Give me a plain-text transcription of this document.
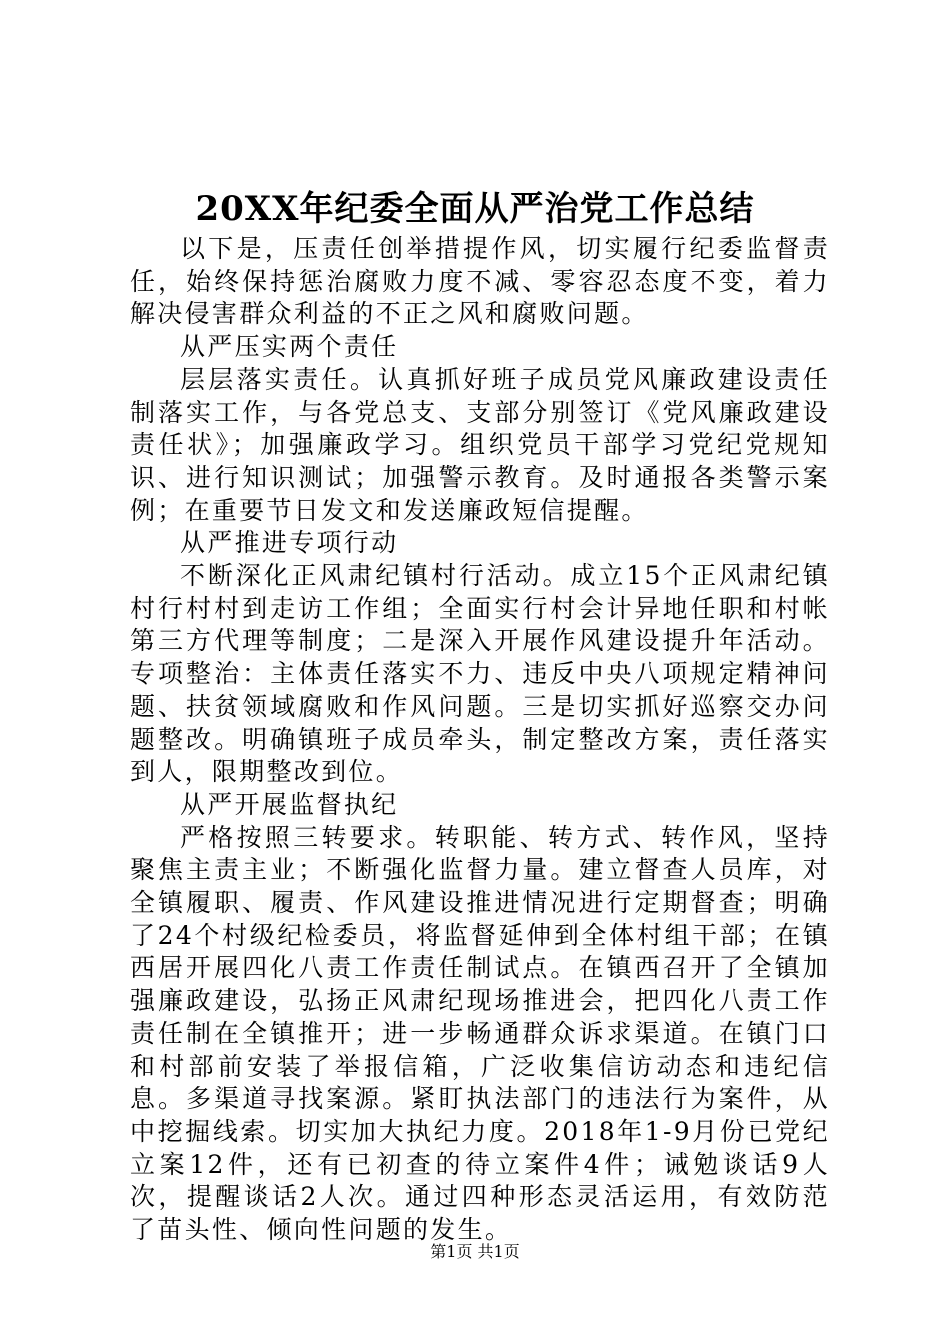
20XX年纪委全面从严治党工作总结

以下是，压责任创举措提作风，切实履行纪委监督责任，始终保持惩治腐败力度不减、零容忍态度不变，着力解决侵害群众利益的不正之风和腐败问题。

从严压实两个责任

层层落实责任。认真抓好班子成员党风廉政建设责任制落实工作，与各党总支、支部分别签订《党风廉政建设责任状》；加强廉政学习。组织党员干部学习党纪党规知识、进行知识测试；加强警示教育。及时通报各类警示案例；在重要节日发文和发送廉政短信提醒。

从严推进专项行动

不断深化正风肃纪镇村行活动。成立15个正风肃纪镇村行村村到走访工作组；全面实行村会计异地任职和村帐第三方代理等制度；二是深入开展作风建设提升年活动。专项整治：主体责任落实不力、违反中央八项规定精神问题、扶贫领域腐败和作风问题。三是切实抓好巡察交办问题整改。明确镇班子成员牵头，制定整改方案，责任落实到人，限期整改到位。

从严开展监督执纪

严格按照三转要求。转职能、转方式、转作风，坚持聚焦主责主业；不断强化监督力量。建立督查人员库，对全镇履职、履责、作风建设推进情况进行定期督查；明确了24个村级纪检委员，将监督延伸到全体村组干部；在镇西居开展四化八责工作责任制试点。在镇西召开了全镇加强廉政建设，弘扬正风肃纪现场推进会，把四化八责工作责任制在全镇推开；进一步畅通群众诉求渠道。在镇门口和村部前安装了举报信箱，广泛收集信访动态和违纪信息。多渠道寻找案源。紧盯执法部门的违法行为案件，从中挖掘线索。切实加大执纪力度。2018年1-9月份已党纪立案12件，还有已初查的待立案件4件；诫勉谈话9人次，提醒谈话2人次。通过四种形态灵活运用，有效防范了苗头性、倾向性问题的发生。

第1页 共1页
